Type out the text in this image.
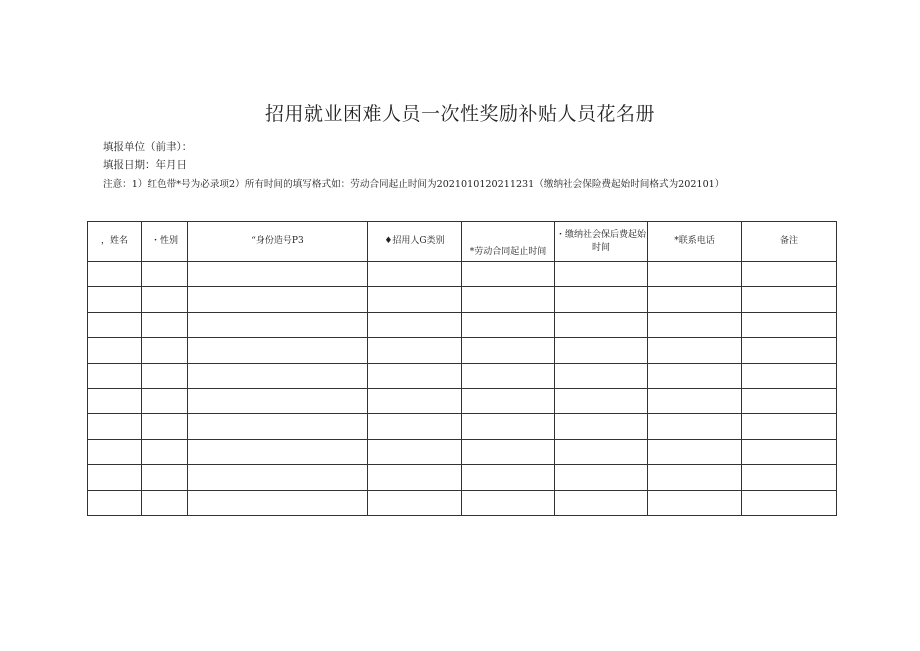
招用就业困难人员一次性奖励补贴人员花名册
填报单位（前聿）：
填报日期：年月日
注意：1）红色带*号为必录项2）所有时间的填写格式如：劳动合同起止时间为2021010120211231（缴纳社会保险费起始时间格式为202101）
，姓名	・性别	“身份造号P3	♦招用人G类别	*劳动合同起止时间	・缴纳社会保后费起始时间	*联系电话	备注
